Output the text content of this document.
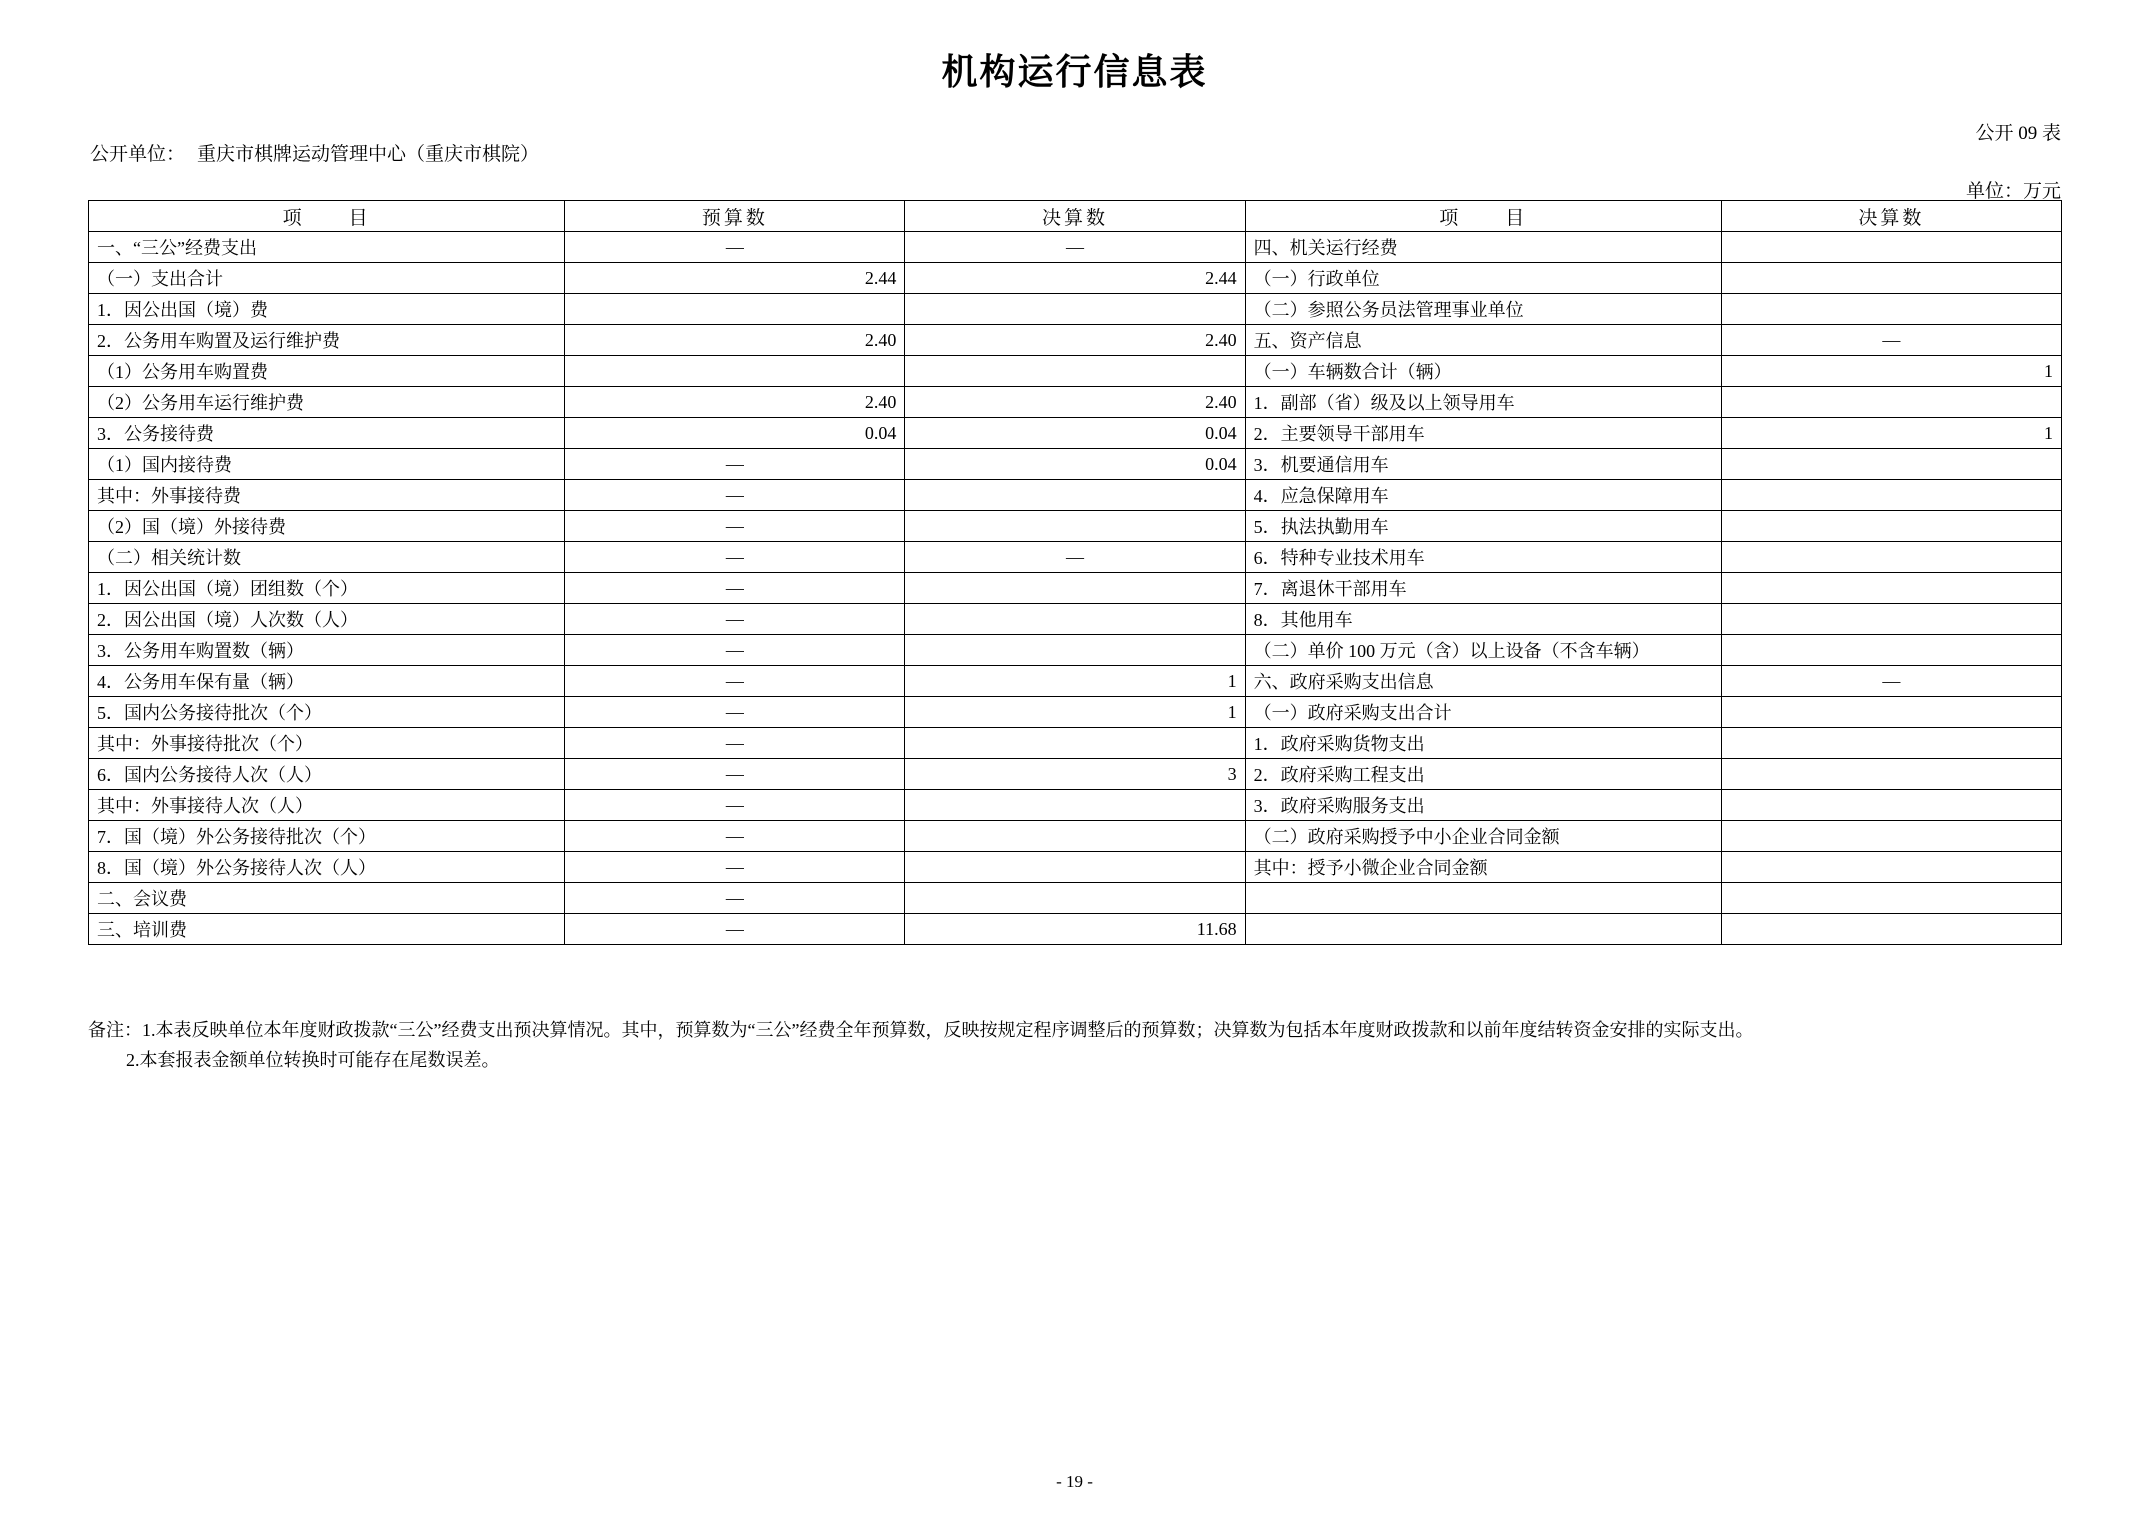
机构运行信息表
公开 09 表
公开单位： 重庆市棋牌运动管理中心（重庆市棋院）
单位：万元
项　　目	预算数	决算数	项　　目	决算数
一、“三公”经费支出	—	—	四、机关运行经费	
（一）支出合计	2.44	2.44	（一）行政单位	
1．因公出国（境）费			（二）参照公务员法管理事业单位	
2．公务用车购置及运行维护费	2.40	2.40	五、资产信息	—
（1）公务用车购置费			（一）车辆数合计（辆）	1
（2）公务用车运行维护费	2.40	2.40	1．副部（省）级及以上领导用车	
3．公务接待费	0.04	0.04	2．主要领导干部用车	1
（1）国内接待费	—	0.04	3．机要通信用车	
其中：外事接待费	—		4．应急保障用车	
（2）国（境）外接待费	—		5．执法执勤用车	
（二）相关统计数	—	—	6．特种专业技术用车	
1．因公出国（境）团组数（个）	—		7．离退休干部用车	
2．因公出国（境）人次数（人）	—		8．其他用车	
3．公务用车购置数（辆）	—		（二）单价 100 万元（含）以上设备（不含车辆）	
4．公务用车保有量（辆）	—	1	六、政府采购支出信息	—
5．国内公务接待批次（个）	—	1	（一）政府采购支出合计	
其中：外事接待批次（个）	—		1．政府采购货物支出	
6．国内公务接待人次（人）	—	3	2．政府采购工程支出	
其中：外事接待人次（人）	—		3．政府采购服务支出	
7．国（境）外公务接待批次（个）	—		（二）政府采购授予中小企业合同金额	
8．国（境）外公务接待人次（人）	—		其中：授予小微企业合同金额	
二、会议费	—			
三、培训费	—	11.68		
备注：1.本表反映单位本年度财政拨款“三公”经费支出预决算情况。其中，预算数为“三公”经费全年预算数，反映按规定程序调整后的预算数；决算数为包括本年度财政拨款和以前年度结转资金安排的实际支出。
2.本套报表金额单位转换时可能存在尾数误差。
- 19 -
